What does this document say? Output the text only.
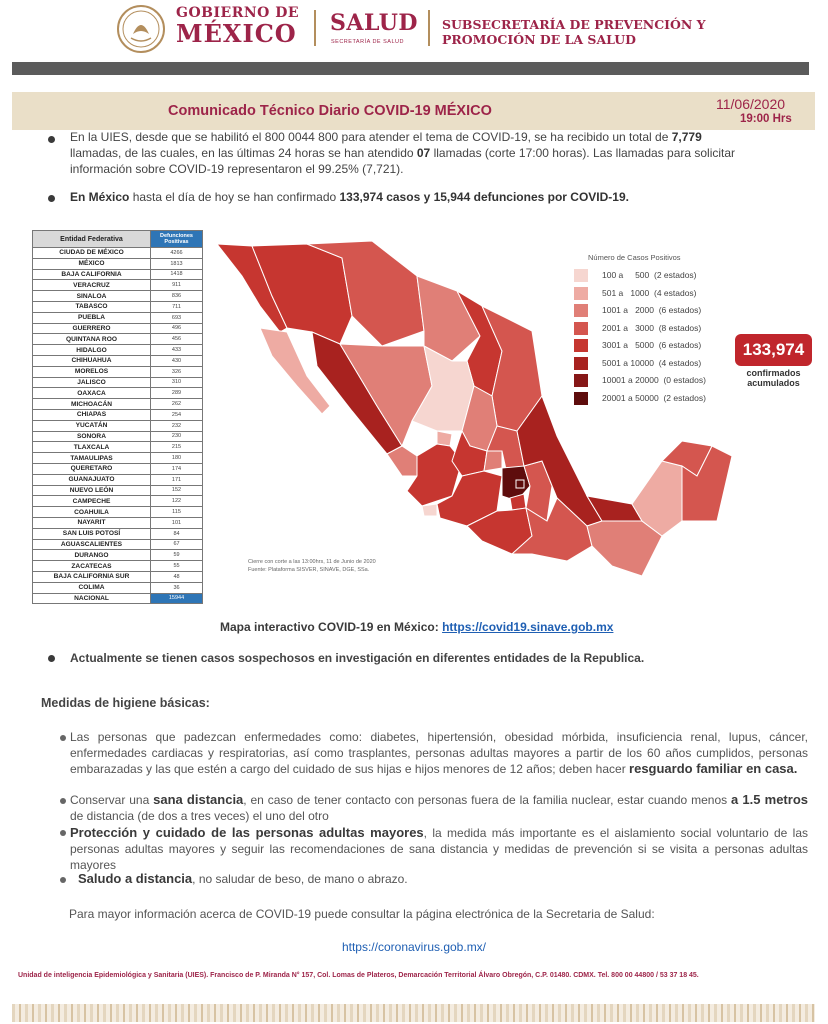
GOBIERNO DE
MÉXICO SALUD
SECRETARÍA DE SALUD
SUBSECRETARÍA DE PREVENCIÓN Y
PROMOCIÓN DE LA SALUD
Comunicado Técnico Diario COVID-19 MÉXICO	11/06/2020
19:00 Hrs
En la UIES, desde que se habilitó el 800 0044 800 para atender el tema de COVID-19, se ha recibido un total de 7,779
llamadas, de las cuales, en las últimas 24 horas se han atendido 07 llamadas (corte 17:00 horas). Las llamadas para solicitar
información sobre COVID-19 representaron el 99.25% (7,721).
En México hasta el día de hoy se han confirmado 133,974 casos y 15,944 defunciones por COVID-19.
Entidad Federativa	Defunciones
Positivas

CIUDAD DE MÉXICO	4266
MÉXICO	1813
BAJA CALIFORNIA	1418
VERACRUZ	911
SINALOA	836
TABASCO	711
PUEBLA	693
GUERRERO	496
QUINTANA ROO	456
HIDALGO	433
CHIHUAHUA	430
MORELOS	326
JALISCO	310
OAXACA	289
MICHOACÁN	262
CHIAPAS	254
YUCATÁN	232
SONORA	230
TLAXCALA	215
TAMAULIPAS	180
QUERETARO	174
GUANAJUATO	171
NUEVO LEÓN	152
CAMPECHE	122
COAHUILA	115
NAYARIT	101
SAN LUIS POTOSÍ	84
AGUASCALIENTES	67
DURANGO	59
ZACATECAS	55
BAJA CALIFORNIA SUR	48
COLIMA	36
NACIONAL	15944
Número de Casos Positivos
100 a     500  (2 estados)
501 a   1000  (4 estados)
1001 a   2000  (6 estados)
2001 a   3000  (8 estados)
3001 a   5000  (6 estados)
5001 a 10000  (4 estados)
10001 a 20000  (0 estados)
20001 a 50000  (2 estados)
133,974
confirmados
acumulados
Cierre con corte a las 13:00hrs, 11 de Junio de 2020
Fuente: Plataforma SISVER, SINAVE, DGE, SSa.
Mapa interactivo COVID-19 en México: https://covid19.sinave.gob.mx
Actualmente se tienen casos sospechosos en investigación en diferentes entidades de la Republica.
Medidas de higiene básicas:
Las personas que padezcan enfermedades como: diabetes, hipertensión, obesidad mórbida, insuficiencia renal, lupus, cáncer, enfermedades cardiacas y respiratorias, así como trasplantes, personas adultas mayores a partir de los 60 años cumplidos, personas embarazadas y las que estén a cargo del cuidado de sus hijas e hijos menores de 12 años; deben hacer resguardo familiar en casa.
Conservar una sana distancia, en caso de tener contacto con personas fuera de la familia nuclear, estar cuando menos a 1.5 metros de distancia (de dos a tres veces) el uno del otro
Protección y cuidado de las personas adultas mayores, la medida más importante es el aislamiento social voluntario de las personas adultas mayores y seguir las recomendaciones de sana distancia y medidas de prevención si se visita a personas adultas mayores
Saludo a distancia, no saludar de beso, de mano o abrazo.
Para mayor información acerca de COVID-19 puede consultar la página electrónica de la Secretaria de Salud:
https://coronavirus.gob.mx/
Unidad de inteligencia Epidemiológica y Sanitaria (UIES). Francisco de P. Miranda N° 157, Col. Lomas de Plateros, Demarcación Territorial Álvaro Obregón, C.P. 01480. CDMX. Tel. 800 00 44800 / 53 37 18 45.
